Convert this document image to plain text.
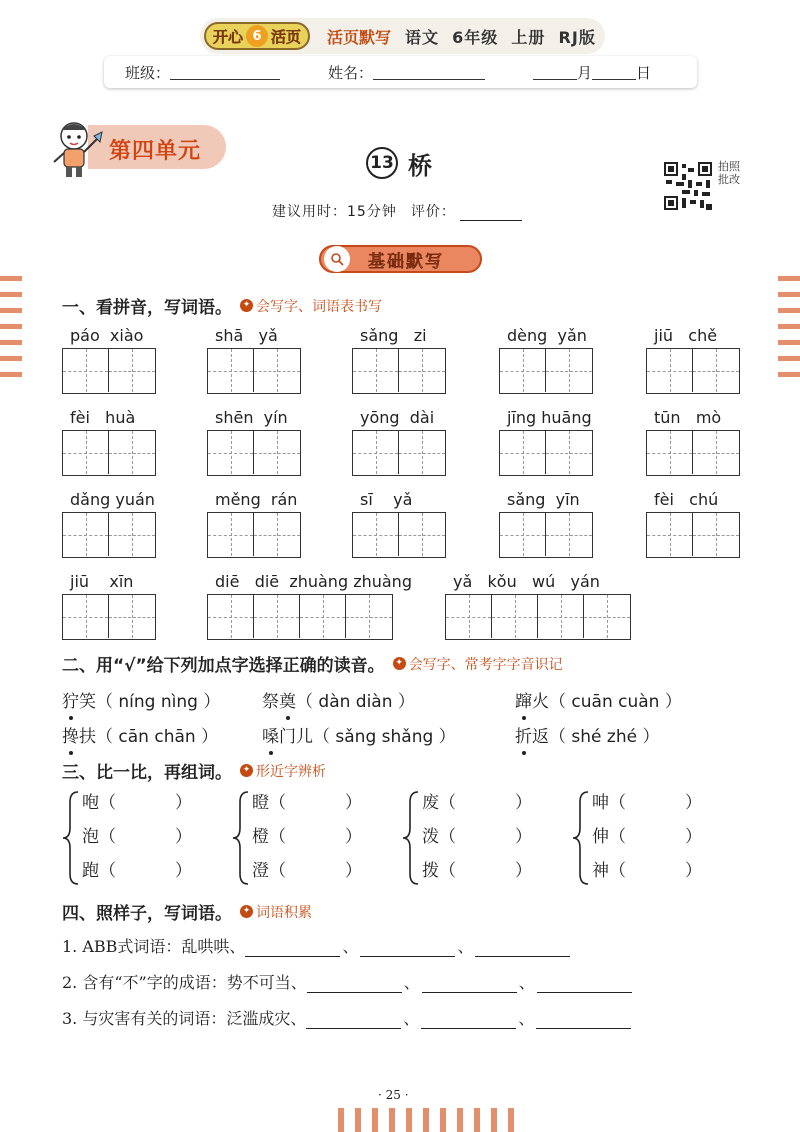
开心 6 活页 活页默写 语文  6年级  上册  RJ版
班级：	姓名：	月	日
第四单元	13 桥
建议用时：15分钟 评价：
拍照批改
基础默写
一、看拼音，写词语。	✦ 会写字、词语表书写
páo  xiào	shā   yǎ	sǎng   zi	dèng  yǎn	jiū   chě
fèi   huà	shēn  yín	yōng  dài	jīng huāng	tūn   mò
dǎng yuán	měng  rán	sī    yǎ	sǎng  yīn	fèi   chú
jiū    xīn	diē   diē  zhuàng zhuàng	yǎ   kǒu   wú   yán
二、用“√”给下列加点字选择正确的读音。	✦ 会写字、常考字字音识记
狞笑（ níng nìng ） 祭奠（ dàn diàn ）	蹿火（ cuān cuàn ）
搀扶（ cān chān ）	嗓门儿（ sǎng shǎng ）	折返（ shé zhé ）
三、比一比，再组词。	✦ 形近字辨析
咆（	）
泡（	）
跑（	）
瞪（	）
橙（	）
澄（	）
废（	）
泼（	）
拨（	）
呻（	）
伸（	）
神（	）
四、照样子，写词语。	✦ 词语积累
1. ABB式词语：乱哄哄、	、	、
2. 含有“不”字的成语：势不可当、	、	、
3. 与灾害有关的词语：泛滥成灾、	、	、
· 25 ·
